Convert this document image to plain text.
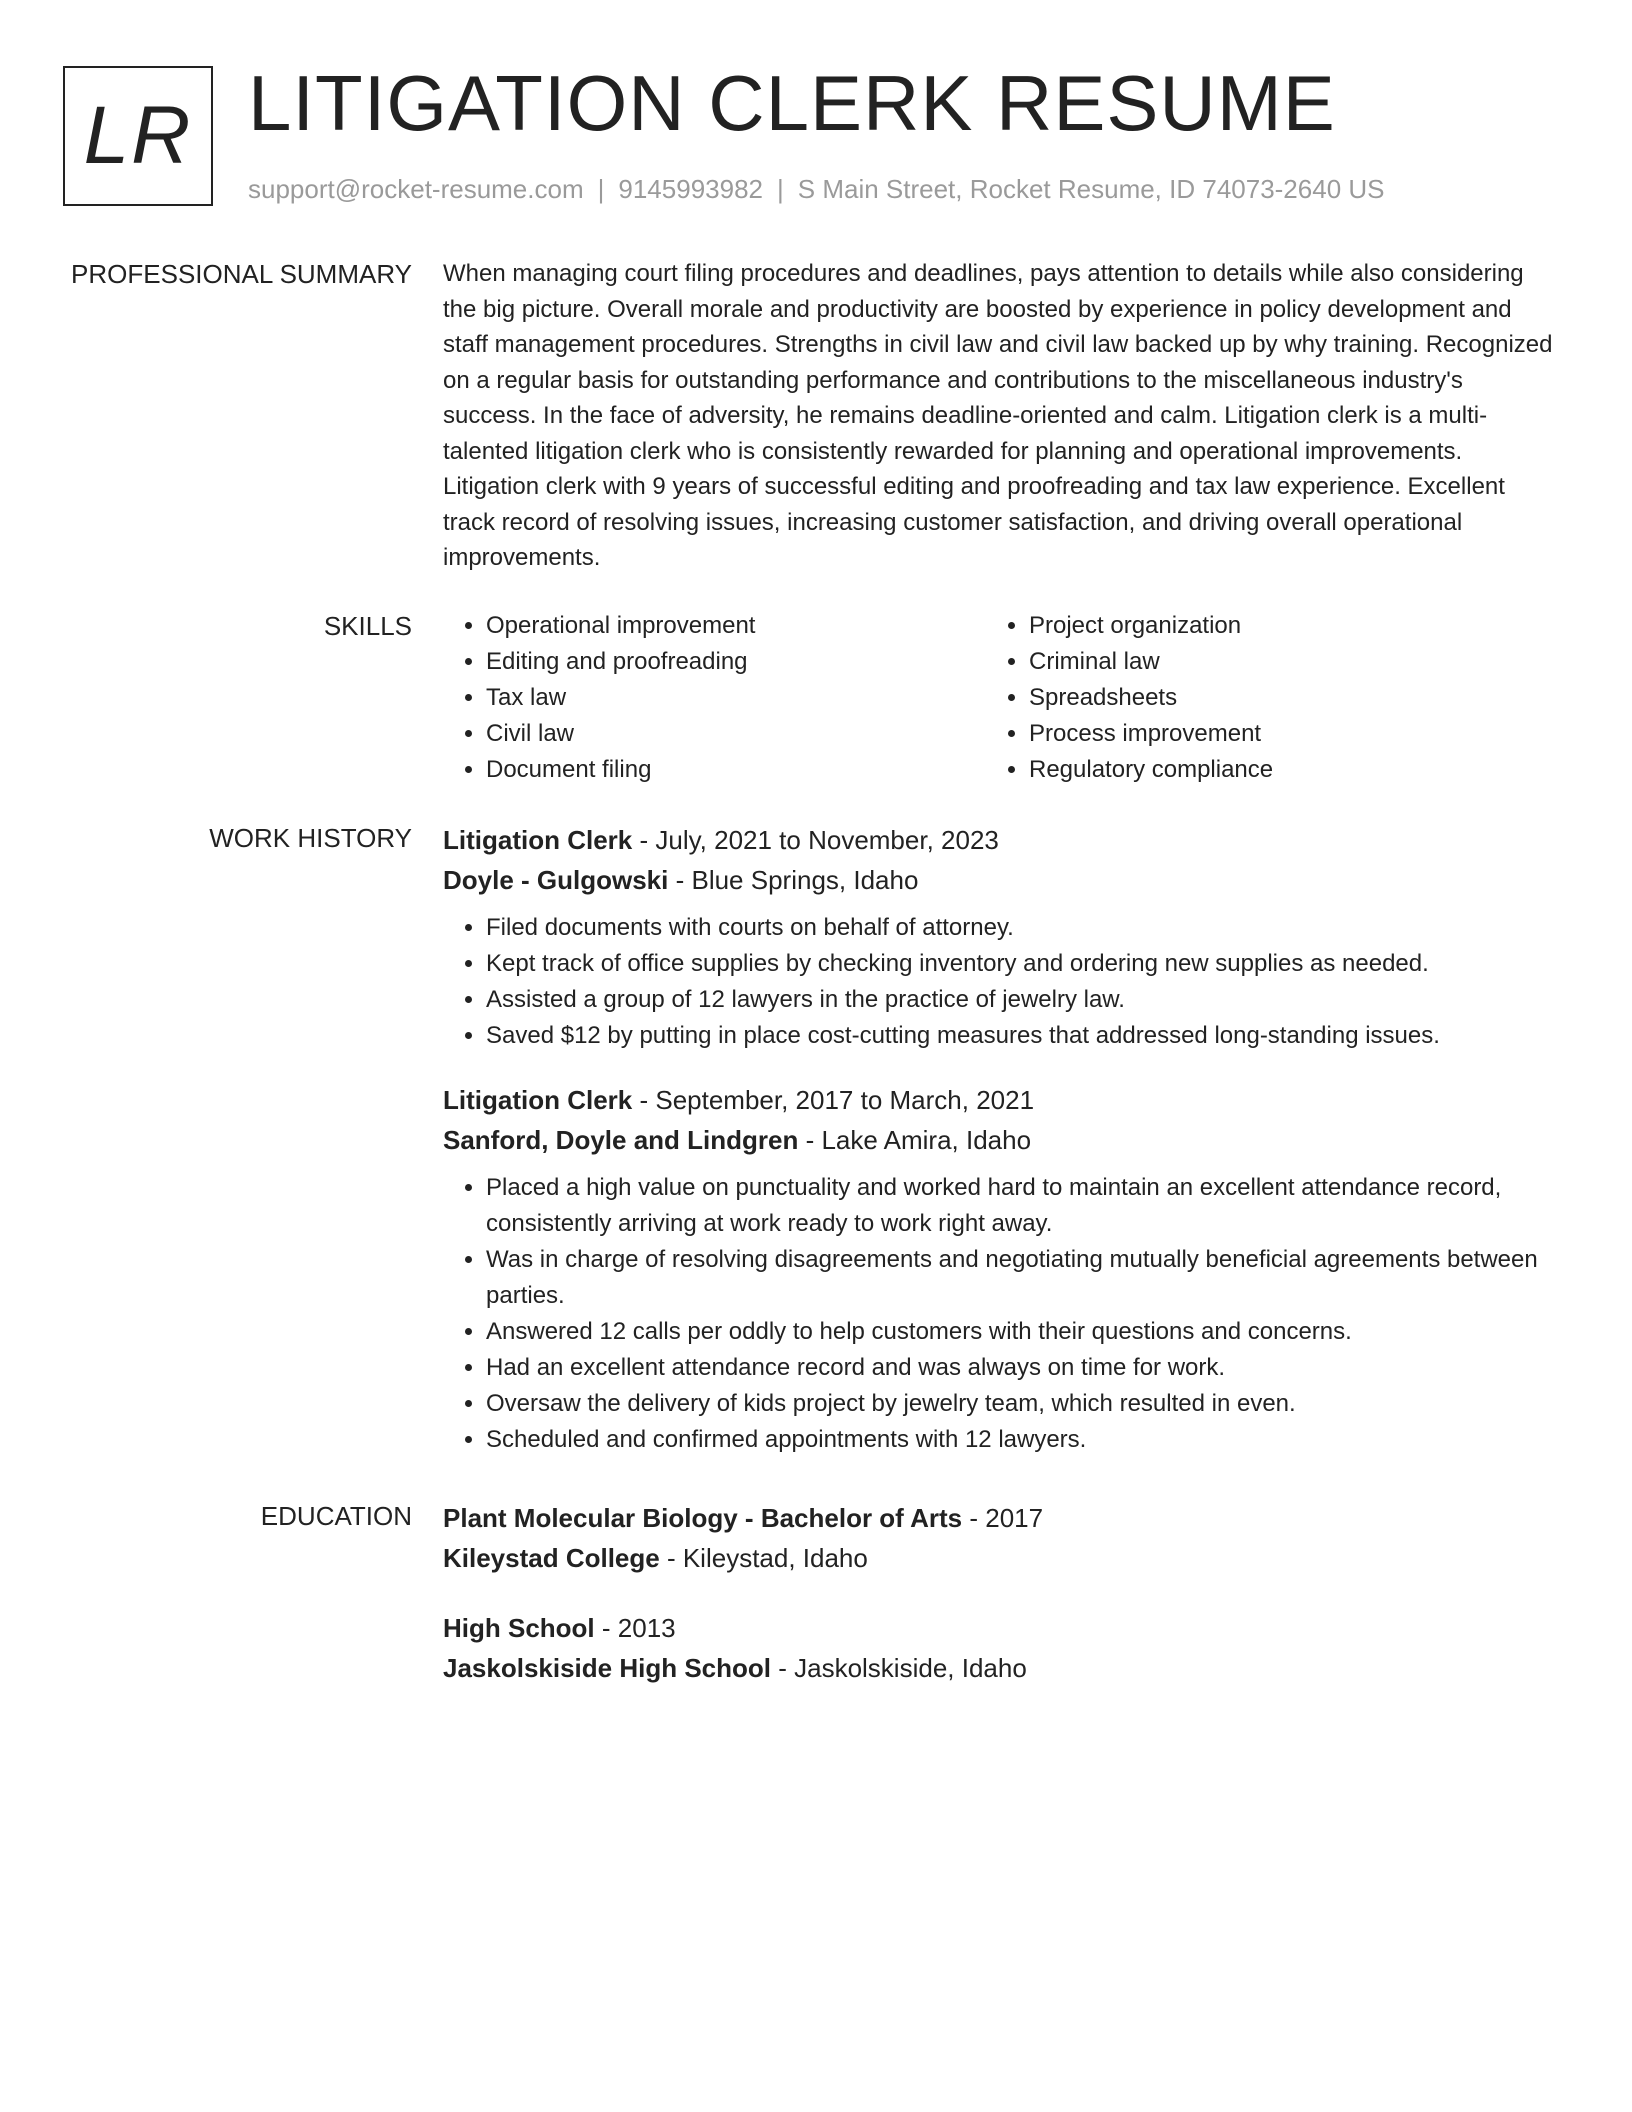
LR LITIGATION CLERK RESUME
support@rocket-resume.com | 9145993982 | S Main Street, Rocket Resume, ID 74073-2640 US
PROFESSIONAL SUMMARY When managing court filing procedures and deadlines, pays attention to details while also considering the big picture. Overall morale and productivity are boosted by experience in policy development and staff management procedures. Strengths in civil law and civil law backed up by why training. Recognized on a regular basis for outstanding performance and contributions to the miscellaneous industry's success. In the face of adversity, he remains deadline-oriented and calm. Litigation clerk is a multi-talented litigation clerk who is consistently rewarded for planning and operational improvements. Litigation clerk with 9 years of successful editing and proofreading and tax law experience. Excellent track record of resolving issues, increasing customer satisfaction, and driving overall operational improvements.

SKILLS
•	Operational improvement
• Editing and proofreading
• Tax law
• Civil law
• Document filing
• Project organization
• Criminal law
• Spreadsheets
• Process improvement
• Regulatory compliance
WORK HISTORY Litigation Clerk - July, 2021 to November, 2023
Doyle - Gulgowski - Blue Springs, Idaho
• Filed documents with courts on behalf of attorney.
• Kept track of office supplies by checking inventory and ordering new supplies as needed.
• Assisted a group of 12 lawyers in the practice of jewelry law.
• Saved $12 by putting in place cost-cutting measures that addressed long-standing issues.
Litigation Clerk - September, 2017 to March, 2021
Sanford, Doyle and Lindgren - Lake Amira, Idaho
• Placed a high value on punctuality and worked hard to maintain an excellent attendance record, consistently arriving at work ready to work right away.
• Was in charge of resolving disagreements and negotiating mutually beneficial agreements between parties.
• Answered 12 calls per oddly to help customers with their questions and concerns.
• Had an excellent attendance record and was always on time for work.
• Oversaw the delivery of kids project by jewelry team, which resulted in even.
• Scheduled and confirmed appointments with 12 lawyers.
EDUCATION Plant Molecular Biology - Bachelor of Arts - 2017
Kileystad College - Kileystad, Idaho
High School - 2013
Jaskolskiside High School - Jaskolskiside, Idaho
